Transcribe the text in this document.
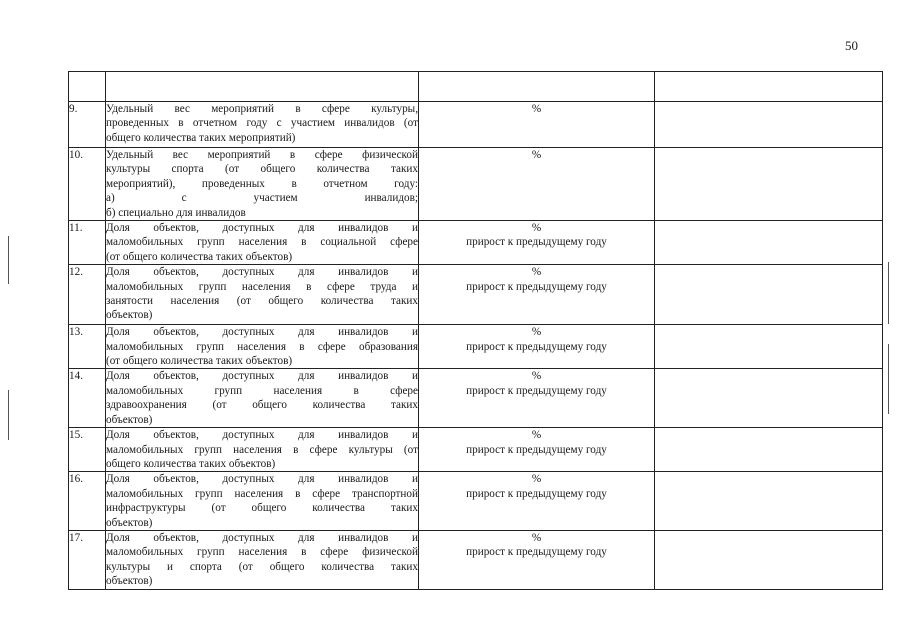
50

9.	Удельный вес мероприятий в сфере культуры,
проведенных в отчетном году с участием инвалидов (от
общего количества таких мероприятий)	%	

10.	Удельный вес мероприятий в сфере физической
культуры спорта (от общего количества таких
мероприятий), проведенных в отчетном году:
а) с участием инвалидов;
б) специально для инвалидов	%	

11.	Доля объектов, доступных для инвалидов и
маломобильных групп населения в социальной сфере
(от общего количества таких объектов)	%
прирост к предыдущему году	

12.	Доля объектов, доступных для инвалидов и
маломобильных групп населения в сфере труда и
занятости населения (от общего количества таких
объектов)	%
прирост к предыдущему году	

13.	Доля объектов, доступных для инвалидов и
маломобильных групп населения в сфере образования
(от общего количества таких объектов)	%
прирост к предыдущему году	

14.	Доля объектов, доступных для инвалидов и
маломобильных групп населения в сфере
здравоохранения (от общего количества таких
объектов)	%
прирост к предыдущему году	

15.	Доля объектов, доступных для инвалидов и
маломобильных групп населения в сфере культуры (от
общего количества таких объектов)	%
прирост к предыдущему году	

16.	Доля объектов, доступных для инвалидов и
маломобильных групп населения в сфере транспортной
инфраструктуры (от общего количества таких
объектов)	%
прирост к предыдущему году	

17.	Доля объектов, доступных для инвалидов и
маломобильных групп населения в сфере физической
культуры и спорта (от общего количества таких
объектов)	%
прирост к предыдущему году	
